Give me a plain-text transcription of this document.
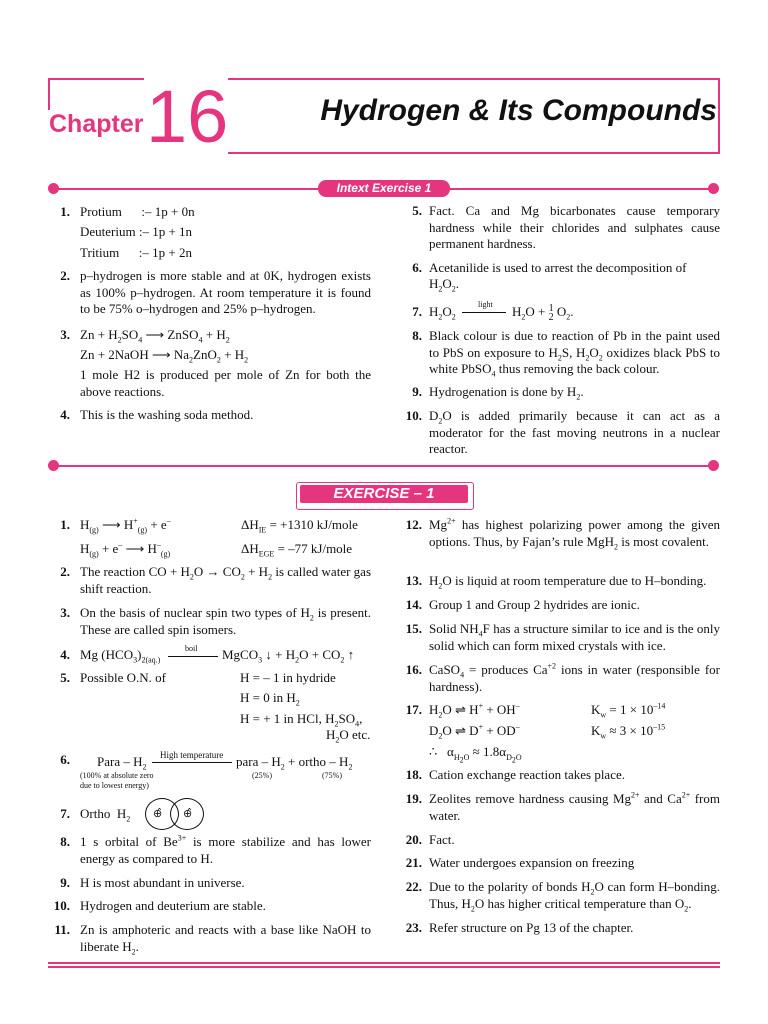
Chapter 16	Hydrogen & Its Compounds
Intext Exercise 1
1. Protium      :– 1p + 0n
Deuterium :– 1p + 1n
Tritium      :– 1p + 2n
2. p–hydrogen is more stable and at 0K, hydrogen exists as 100% p–hydrogen. At room temperature it is found to be 75% o–hydrogen and 25% p–hydrogen.
3. $Zn + H_2SO_4$ ⟶ ZnSO$_4$ + $H_2$
Zn + 2NaOH ⟶ $Na_2ZnO_2 + H_2$
1 mole H2 is produced per mole of Zn for both the above reactions.
4. This is the washing soda method.
5. Fact. Ca and Mg bicarbonates cause temporary hardness while their chlorides and sulphates cause permanent hardness.
6. Acetanilide is used to arrest the decomposition of
$H_2O_2$.
7. $H_2O_2$
light $H_2O + 1$
2 $O_2$.
8. Black colour is due to reaction of Pb in the paint used to PbS on exposure to $H_2S$, $H_2O_2$ oxidizes black PbS to white PbSO$_4$ thus removing the back colour.
9. Hydrogenation is done by $H_2$.
10. $D_2O$ is added primarily because it can act as a moderator for the fast moving neutrons in a nuclear reactor.
EXERCISE – 1
1. $H_{(g)}$ ⟶ $H^+_{(g)} + e^-$	$\Delta H_{IE} = +1310$ kJ/mole
$H_{(g)} + e^-$ ⟶ $H^-_{(g)}$	$\Delta H_{EGE} = -77$ kJ/mole
2. The reaction CO + $H_2O \to CO_2 + H_2$ is called water gas shift reaction.
3. On the basis of nuclear spin two types of $H_2$ is present. These are called spin isomers.
4. Mg $(HCO_3)_{2(aq.)}$
boil MgCO$_3$ ↓ + $H_2O + CO_2$ ↑
5. Possible O.N. of	H = – 1 in hydride
H = 0 in $H_2$
H = + 1 in HCl, $H_2SO_4$,
$H_2O$ etc.
6. Para – $H_2$
High temperature para – $H_2$ + ortho – $H_2$
(100% at absolute zero
due to lowest energy)
(25%)	(75%)
7. Ortho  $H_2$	⊕̂ ⊕̂
8. 1 s orbital of $Be^{3+}$ is more stabilize and has lower energy as compared to H.
9. H is most abundant in universe.
10. Hydrogen and deuterium are stable.
11. Zn is amphoteric and reacts with a base like NaOH to liberate $H_2$.
12. $Mg^{2+}$ has highest polarizing power among the given options. Thus, by Fajan’s rule MgH$_2$ is most covalent.
13. $H_2O$ is liquid at room temperature due to H–bonding.
14. Group 1 and Group 2 hydrides are ionic.
15. Solid $NH_4F$ has a structure similar to ice and is the only solid which can form mixed crystals with ice.
16. CaSO$_4$ = produces $Ca^{+2}$ ions in water (responsible for hardness).
17. $H_2O$ ⇌ H+ + OH–	$K_w = 1 \times 10^{-14}$
$D_2O$ ⇌ D+ + OD–	$K_w \approx 3 \times 10^{-15}$
∴   $\alpha_{H_2O} \approx 1.8\alpha_{D_2O}$
18. Cation exchange reaction takes place.
19. Zeolites remove hardness causing $Mg^{2+}$ and $Ca^{2+}$ from water.
20. Fact.
21. Water undergoes expansion on freezing
22. Due to the polarity of bonds $H_2O$ can form H–bonding. Thus, $H_2O$ has higher critical temperature than $O_2$.
23. Refer structure on Pg 13 of the chapter.
